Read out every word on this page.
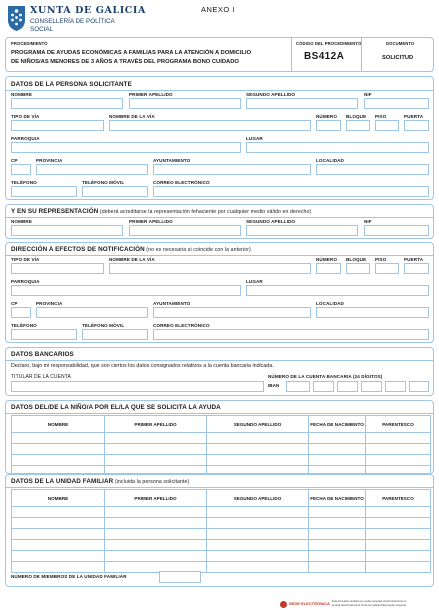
XUNTA DE GALICIA
CONSELLERÍA DE POLÍTICA
SOCIAL
ANEXO I
PROCEDIMIENTO
PROGRAMA DE AYUDAS ECONÓMICAS A FAMILIAS PARA LA ATENCIÓN A DOMICILIO
DE NIÑOS/AS MENORES DE 3 AÑOS A TRAVÉS DEL PROGRAMA BONO CUIDADO
CÓDIGO DEL PROCEDIMIENTO
BS412A
DOCUMENTO
SOLICITUD
DATOS DE LA PERSONA SOLICITANTE
NOMBRE	PRIMER APELLIDO	SEGUNDO APELLIDO	NIF
TIPO DE VÍA	NOMBRE DE LA VÍA	NÚMERO BLOQUE PISO	PUERTA
PARROQUIA	LUGAR
CP	PROVINCIA	AYUNTAMIENTO	LOCALIDAD
TELÉFONO	TELÉFONO MÓVIL	CORREO ELECTRÓNICO
Y EN SU REPRESENTACIÓN (deberá acreditarse la representación fehaciente por cualquier medio válido en derecho)
NOMBRE	PRIMER APELLIDO	SEGUNDO APELLIDO	NIF
DIRECCIÓN A EFECTOS DE NOTIFICACIÓN (no es necesaria si coincide con la anterior)
TIPO DE VÍA	NOMBRE DE LA VÍA	NÚMERO BLOQUE PISO	PUERTA
PARROQUIA	LUGAR
CP	PROVINCIA	AYUNTAMIENTO	LOCALIDAD
TELÉFONO	TELÉFONO MÓVIL	CORREO ELECTRÓNICO
DATOS BANCARIOS
Declaro, bajo mi responsabilidad, que son ciertos los datos consignados relativos a la cuenta bancaria indicada.
TITULAR DE LA CUENTA	NÚMERO DE LA CUENTA BANCARIA (24 DÍGITOS)
IBAN
DATOS DEL/DE LA NIÑO/A POR EL/LA QUE SE SOLICITA LA AYUDA
NOMBRE	PRIMER APELLIDO	SEGUNDO APELLIDO	FECHA DE NACIMIENTO	PARENTESCO

DATOS DE LA UNIDAD FAMILIAR (incluida la persona solicitante)
NOMBRE	PRIMER APELLIDO	SEGUNDO APELLIDO	FECHA DE NACIMIENTO	PARENTESCO

NÚMERO DE MIEMBROS DE LA UNIDAD FAMILIAR
SEDE ELECTRÓNICA Este formulario también se puede presentar electrónicamente en
la sede electrónica de la Xunta de Galicia (https://sede.xunta.es)
